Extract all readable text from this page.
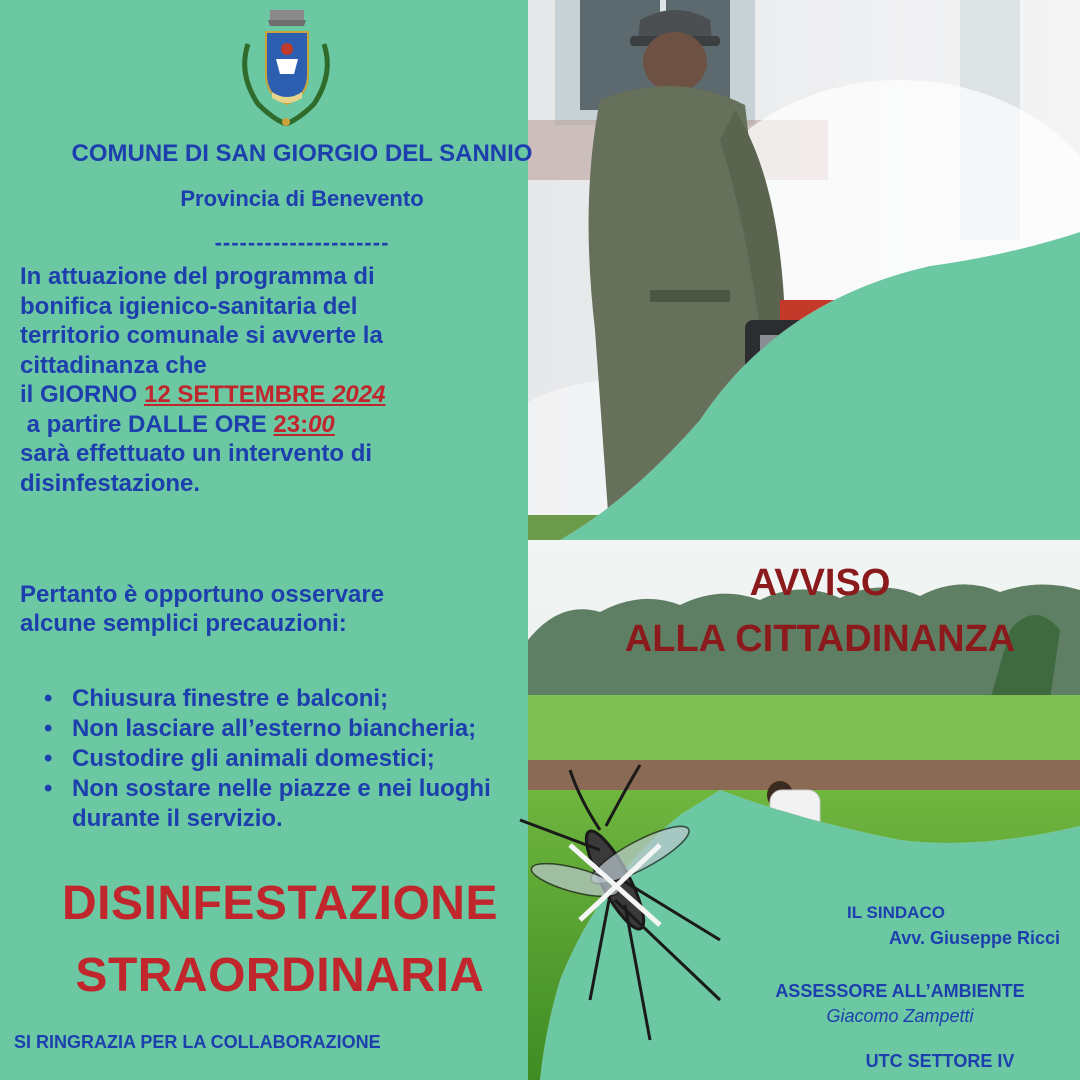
COMUNE DI SAN GIORGIO DEL SANNIO
Provincia di Benevento
---------------------
In attuazione del programma di
bonifica igienico-sanitaria del
territorio comunale si avverte la
cittadinanza che
il GIORNO 12 SETTEMBRE 2024
a partire DALLE ORE 23:00
sarà effettuato un intervento di
disinfestazione.
Pertanto è opportuno osservare
alcune semplici precauzioni:
• Chiusura finestre e balconi;
• Non lasciare all’esterno biancheria;
• Custodire gli animali domestici;
• Non sostare nelle piazze e nei luoghi durante il servizio.
DISINFESTAZIONE
STRAORDINARIA
SI RINGRAZIA PER LA COLLABORAZIONE
AVVISO
ALLA CITTADINANZA
IL SINDACO
Avv. Giuseppe Ricci
ASSESSORE ALL’AMBIENTE
Giacomo Zampetti
UTC SETTORE IV
